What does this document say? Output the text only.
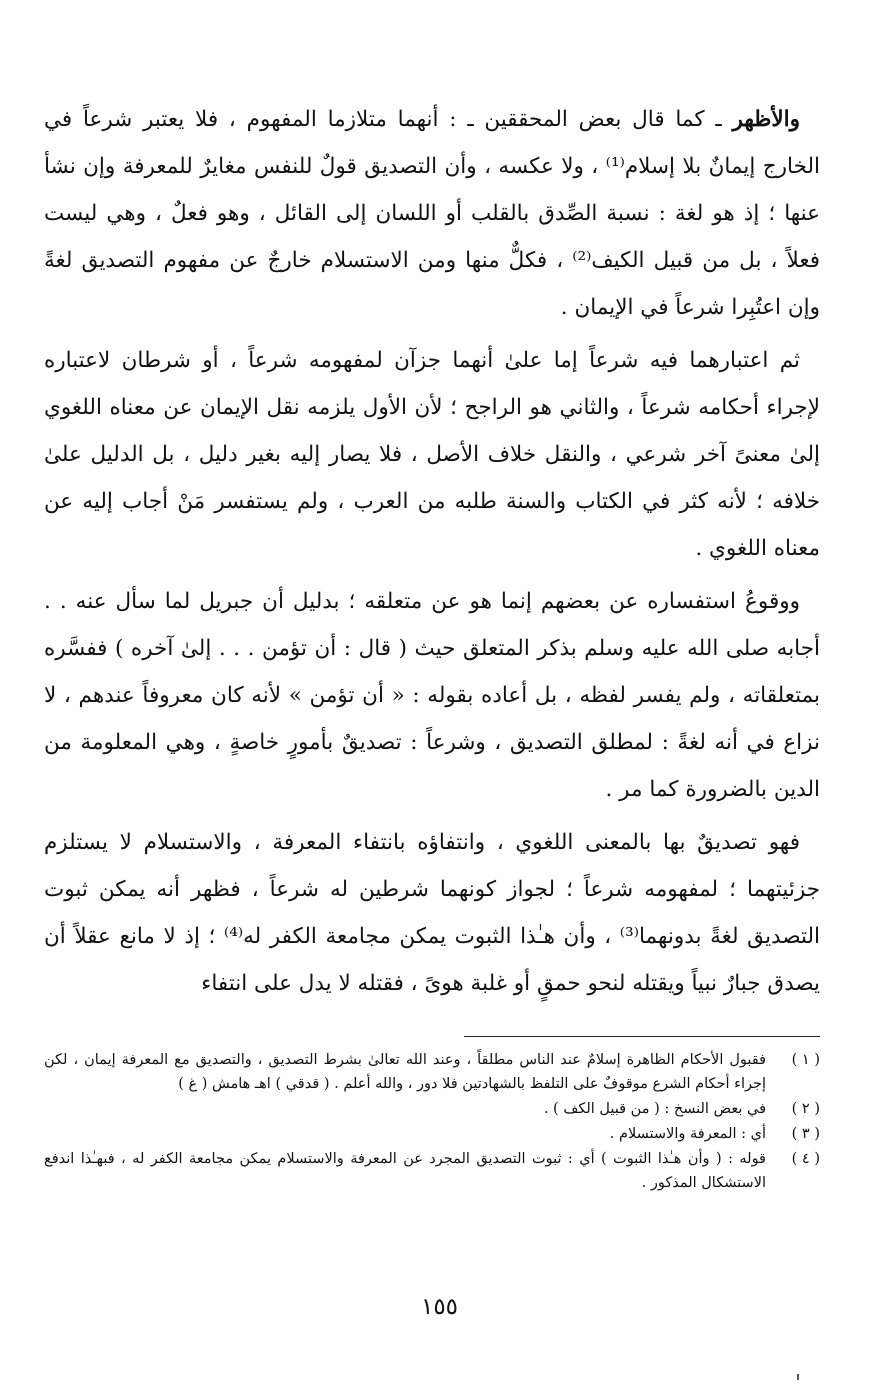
والأظهر ـ كما قال بعض المحققين ـ : أنهما متلازما المفهوم ، فلا يعتبر شرعاً في الخارج إيمانٌ بلا إسلام⁽¹⁾ ، ولا عكسه ، وأن التصديق قولٌ للنفس مغايرٌ للمعرفة وإن نشأ عنها ؛ إذ هو لغة : نسبة الصِّدق بالقلب أو اللسان إلى القائل ، وهو فعلٌ ، وهي ليست فعلاً ، بل من قبيل الكيف⁽²⁾ ، فكلٌّ منها ومن الاستسلام خارجٌ عن مفهوم التصديق لغةً وإن اعتُبِرا شرعاً في الإيمان .

ثم اعتبارهما فيه شرعاً إما علىٰ أنهما جزآن لمفهومه شرعاً ، أو شرطان لاعتباره لإجراء أحكامه شرعاً ، والثاني هو الراجح ؛ لأن الأول يلزمه نقل الإيمان عن معناه اللغوي إلىٰ معنىً آخر شرعي ، والنقل خلاف الأصل ، فلا يصار إليه بغير دليل ، بل الدليل علىٰ خلافه ؛ لأنه كثر في الكتاب والسنة طلبه من العرب ، ولم يستفسر مَنْ أجاب إليه عن معناه اللغوي .

ووقوعُ استفساره عن بعضهم إنما هو عن متعلقه ؛ بدليل أن جبريل لما سأل عنه . . أجابه صلى الله عليه وسلم بذكر المتعلق حيث ( قال : أن تؤمن . . . إلىٰ آخره ) ففسَّره بمتعلقاته ، ولم يفسر لفظه ، بل أعاده بقوله : « أن تؤمن » لأنه كان معروفاً عندهم ، لا نزاع في أنه لغةً : لمطلق التصديق ، وشرعاً : تصديقٌ بأمورٍ خاصةٍ ، وهي المعلومة من الدين بالضرورة كما مر .

فهو تصديقٌ بها بالمعنى اللغوي ، وانتفاؤه بانتفاء المعرفة ، والاستسلام لا يستلزم جزئيتهما ؛ لمفهومه شرعاً ؛ لجواز كونهما شرطين له شرعاً ، فظهر أنه يمكن ثبوت التصديق لغةً بدونهما⁽³⁾ ، وأن هـٰذا الثبوت يمكن مجامعة الكفر له⁽⁴⁾ ؛ إذ لا مانع عقلاً أن يصدق جبارٌ نبياً ويقتله لنحو حمقٍ أو غلبة هوىً ، فقتله لا يدل على انتفاء

( ١ )
فقبول الأحكام الظاهرة إسلامٌ عند الناس مطلقاً ، وعند الله تعالىٰ بشرط التصديق ، والتصديق مع المعرفة إيمان ، لكن إجراء أحكام الشرع موقوفٌ على التلفظ بالشهادتين فلا دور ، والله أعلم . ( قدقي ) اهـ هامش ( غ )
( ٢ )
في بعض النسخ : ( من قبيل الكف ) .
( ٣ )
أي : المعرفة والاستسلام .
( ٤ )
قوله : ( وأن هـٰذا الثبوت ) أي : ثبوت التصديق المجرد عن المعرفة والاستسلام يمكن مجامعة الكفر له ، فبهـٰذا اندفع الاستشكال المذكور .
١٥٥
